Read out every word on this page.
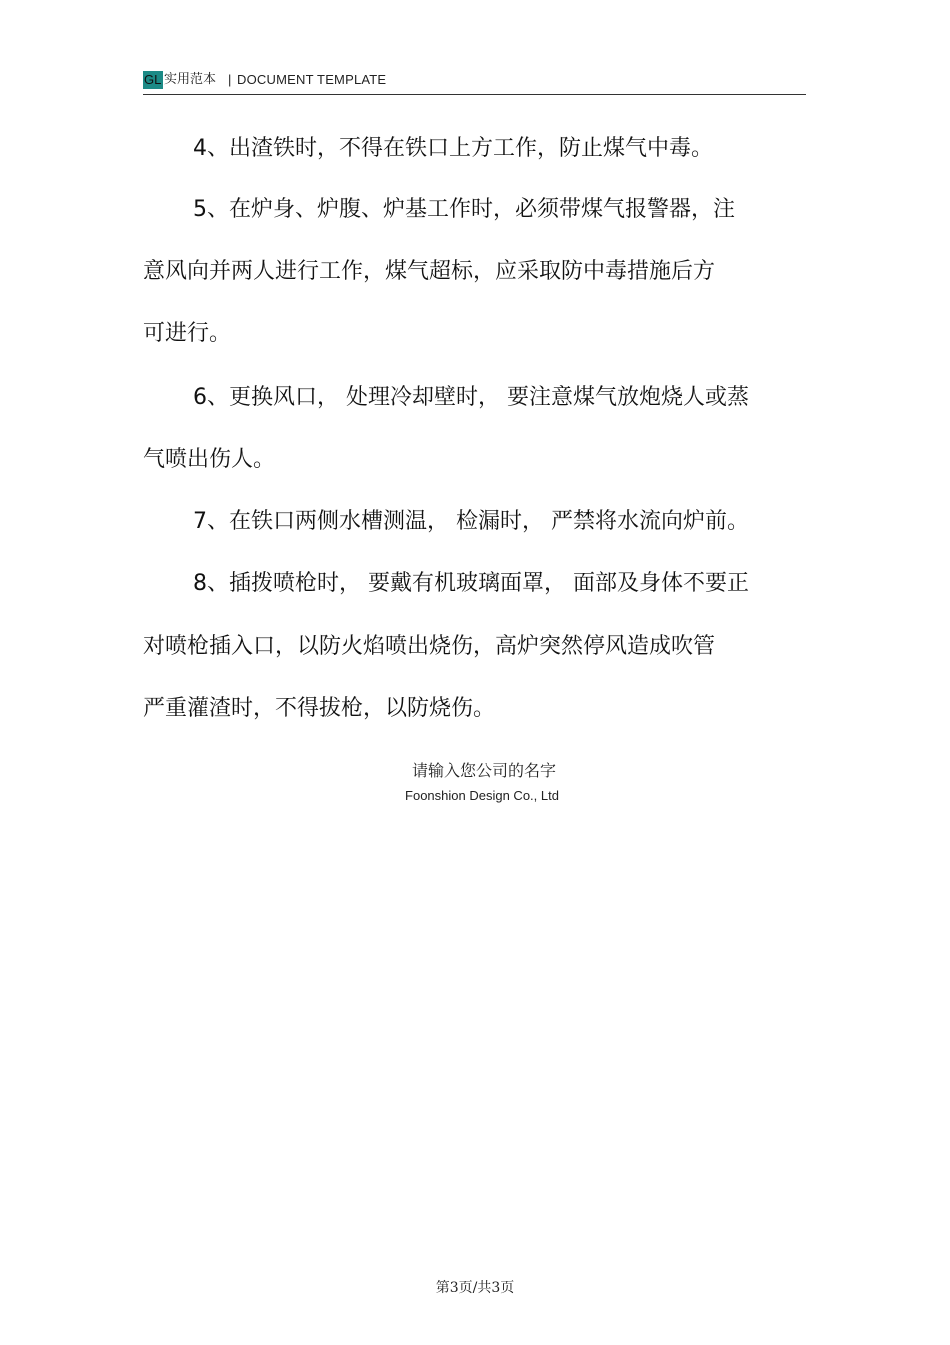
GL 实用范本 | DOCUMENT TEMPLATE
4、出渣铁时，不得在铁口上方工作，防止煤气中毒。
5、在炉身、炉腹、炉基工作时，必须带煤气报警器，注
意风向并两人进行工作，煤气超标，应采取防中毒措施后方
可进行。
6、更换风口， 处理冷却壁时， 要注意煤气放炮烧人或蒸
气喷出伤人。
7、在铁口两侧水槽测温， 检漏时， 严禁将水流向炉前。
8、插拨喷枪时， 要戴有机玻璃面罩， 面部及身体不要正
对喷枪插入口，以防火焰喷出烧伤，高炉突然停风造成吹管
严重灌渣时，不得拔枪，以防烧伤。
请输入您公司的名字
Foonshion Design Co., Ltd
第3页/共3页
